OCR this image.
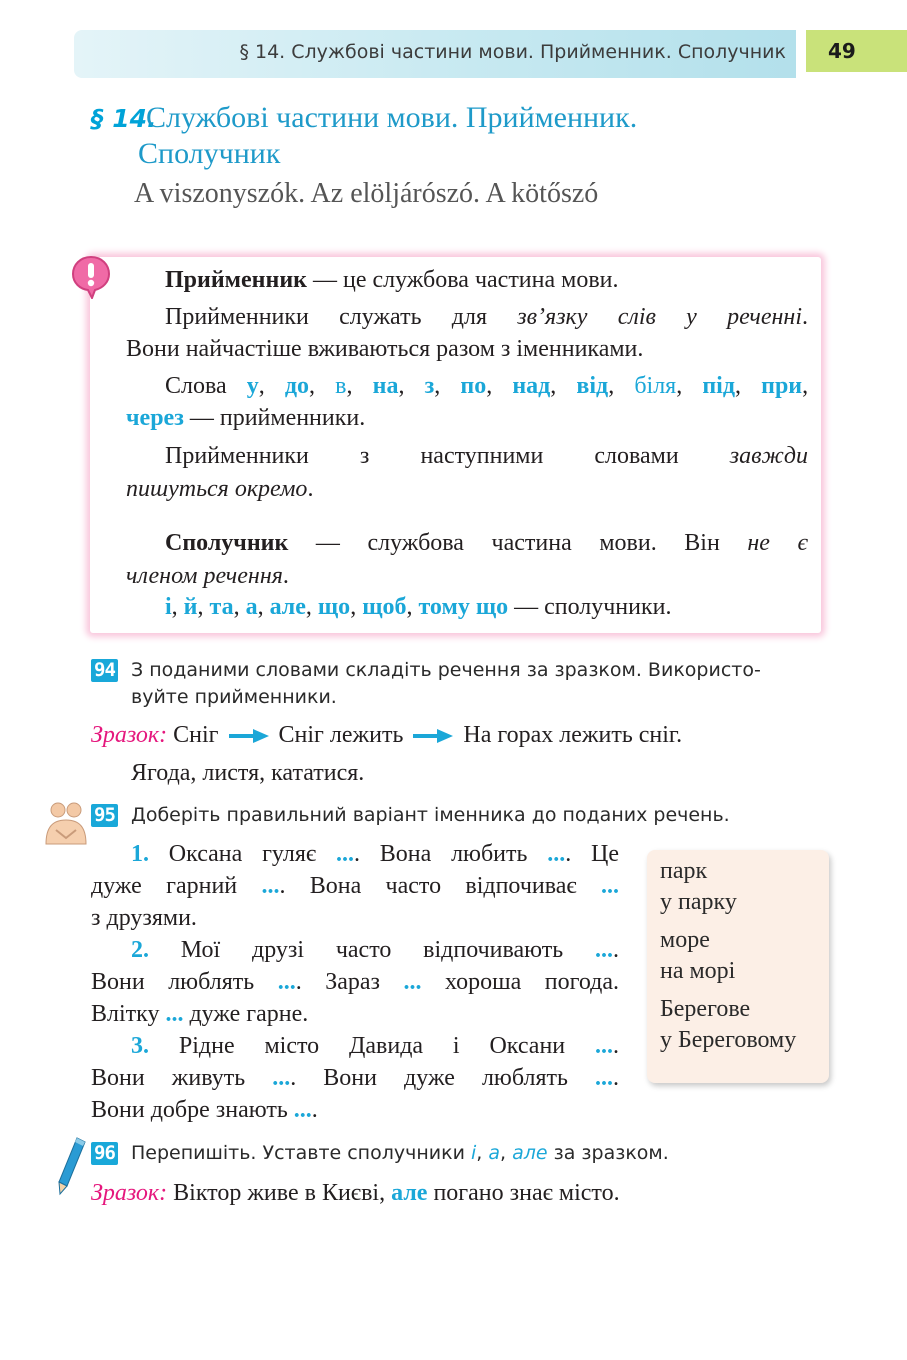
§ 14. Службові частини мови. Прийменник. Сполучник	49
§ 14.
Службові частини мови. Прийменник.
Сполучник
A viszonyszók. Az elöljárószó. A kötőszó
Прийменник — це службова частина мови.
Прийменники служать для зв’язку слів у реченні.
Вони найчастіше вживаються разом з іменниками.
Слова у, до, в, на, з, по, над, від, біля, під, при,
через — прийменники.
Прийменники з наступними словами завжди
пишуться окремо.
Сполучник — службова частина мови. Він не є
членом речення.
і, й, та, а, але, що, щоб, тому що — сполучники.
94 З поданими словами складіть речення за зразком. Використо-
вуйте прийменники.
Зразок: Сніг	Сніг лежить	На горах лежить сніг.
Ягода, листя, кататися.
95 Доберіть правильний варіант іменника до поданих речень.
1. Оксана гуляє .... Вона любить .... Це
дуже гарний .... Вона часто відпочиває ...
з друзями.
2. Мої друзі часто відпочивають ....
Вони люблять .... Зараз ... хороша погода.
Влітку ... дуже гарне.
3. Рідне місто Давида і Оксани ....
Вони живуть .... Вони дуже люблять ....
Вони добре знають ....
парк
у парку
море
на морі
Берегове
у Береговому
96 Перепишіть. Уставте сполучники і, а, але за зразком.
Зразок: Віктор живе в Києві, але погано знає місто.
